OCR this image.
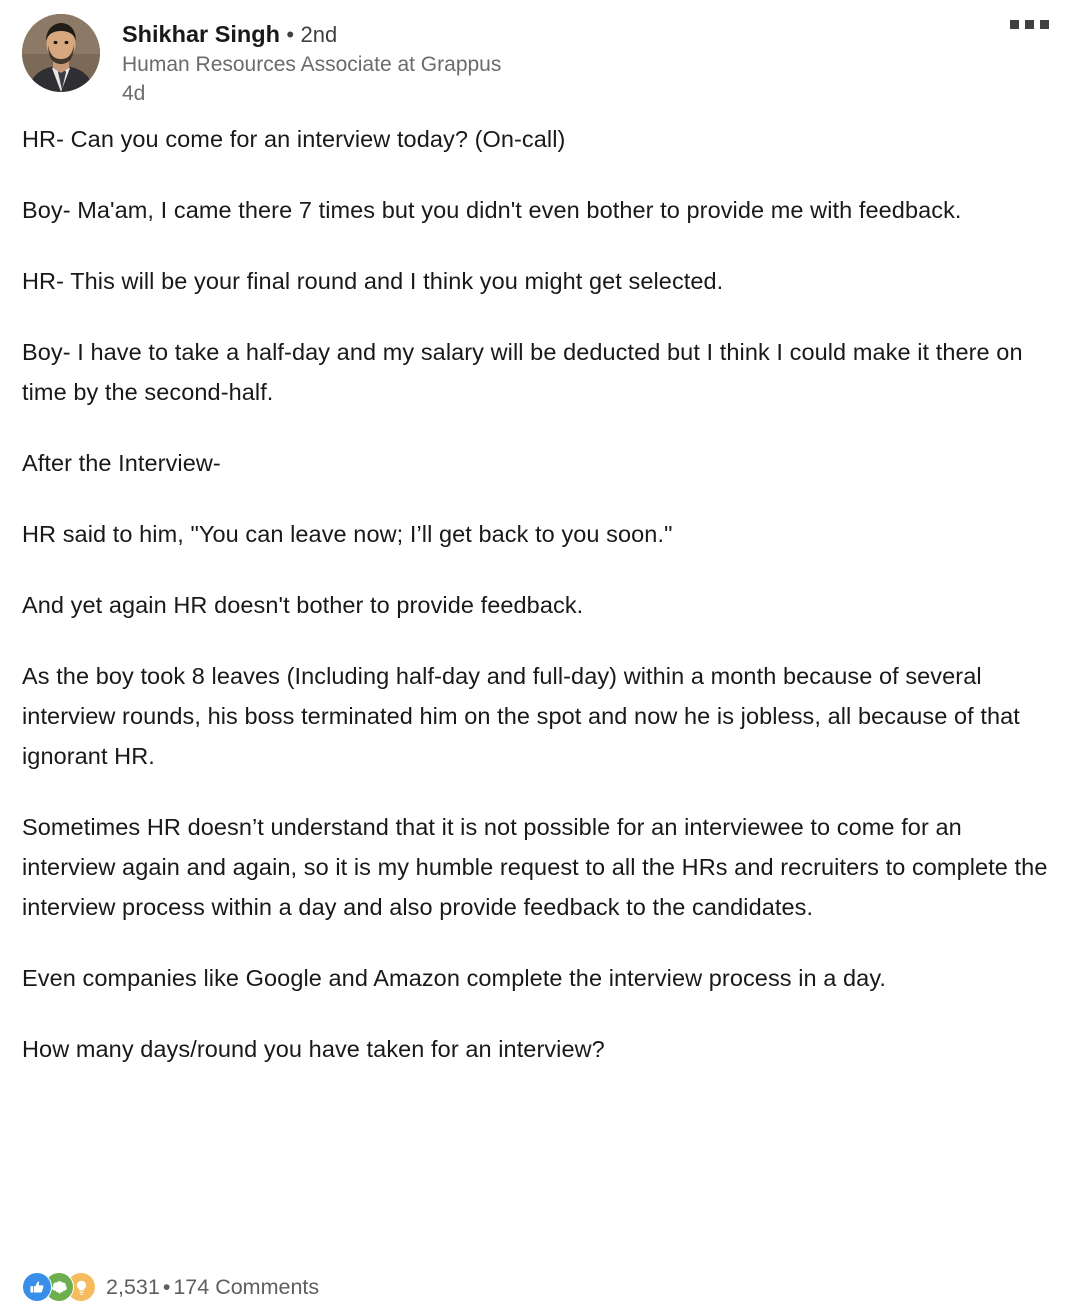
Shikhar Singh • 2nd
Human Resources Associate at Grappus
4d

HR- Can you come for an interview today? (On-call)

Boy- Ma'am, I came there 7 times but you didn't even bother to provide me with feedback.

HR- This will be your final round and I think you might get selected.

Boy- I have to take a half-day and my salary will be deducted but I think I could make it there on time by the second-half.

After the Interview-

HR said to him, "You can leave now; I’ll get back to you soon."

And yet again HR doesn't bother to provide feedback.

As the boy took 8 leaves (Including half-day and full-day) within a month because of several interview rounds, his boss terminated him on the spot and now he is jobless, all because of that ignorant HR.

Sometimes HR doesn’t understand that it is not possible for an interviewee to come for an interview again and again, so it is my humble request to all the HRs and recruiters to complete the interview process within a day and also provide feedback to the candidates.

Even companies like Google and Amazon complete the interview process in a day.

How many days/round you have taken for an interview?

2,531 • 174 Comments
